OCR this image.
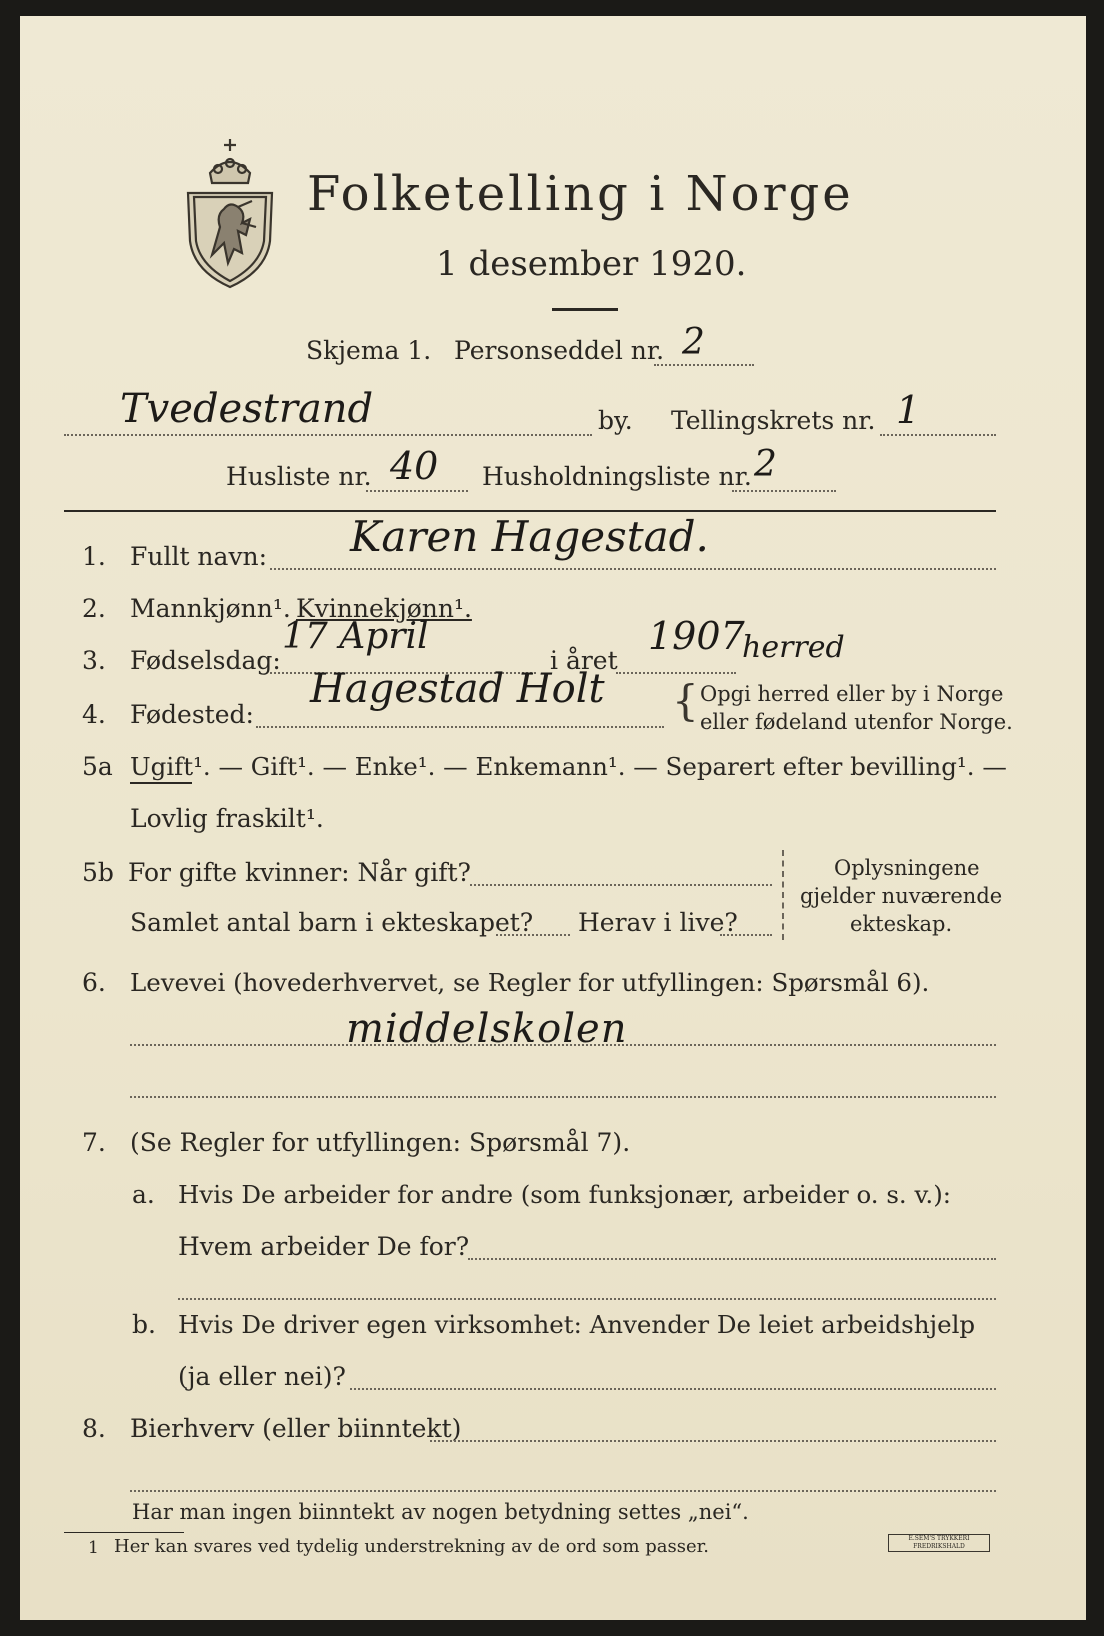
Folketelling i Norge
1 desember 1920.
Skjema 1. Personseddel nr. 2
Tvedestrand	by. Tellingskrets nr. 1
Husliste nr. 40 Husholdningsliste nr. 2
1. Fullt navn: Karen Hagestad.
2. Mannkjønn¹. Kvinnekjønn¹.
3. Fødselsdag:
17 April
i året
1907
4. Fødested:
Hagestad Holt
herred
{ Opgi herred eller by i Norge
eller fødeland utenfor Norge.
5a Ugift¹. — Gift¹. — Enke¹. — Enkemann¹. — Separert efter bevilling¹. —
Lovlig fraskilt¹.
5b For gifte kvinner: Når gift?
Samlet antal barn i ekteskapet? Herav i live?
Oplysningene
gjelder nuværende
ekteskap.
6. Levevei (hovederhvervet, se Regler for utfyllingen: Spørsmål 6).
middelskolen
7. (Se Regler for utfyllingen: Spørsmål 7).
a. Hvis De arbeider for andre (som funksjonær, arbeider o. s. v.):
Hvem arbeider De for?
b. Hvis De driver egen virksomhet: Anvender De leiet arbeidshjelp
(ja eller nei)?
8. Bierhverv (eller biinntekt)
Har man ingen biinntekt av nogen betydning settes „nei“.
1 Her kan svares ved tydelig understrekning av de ord som passer.	E.SEM'S TRYKKERI FREDRIKSHALD
